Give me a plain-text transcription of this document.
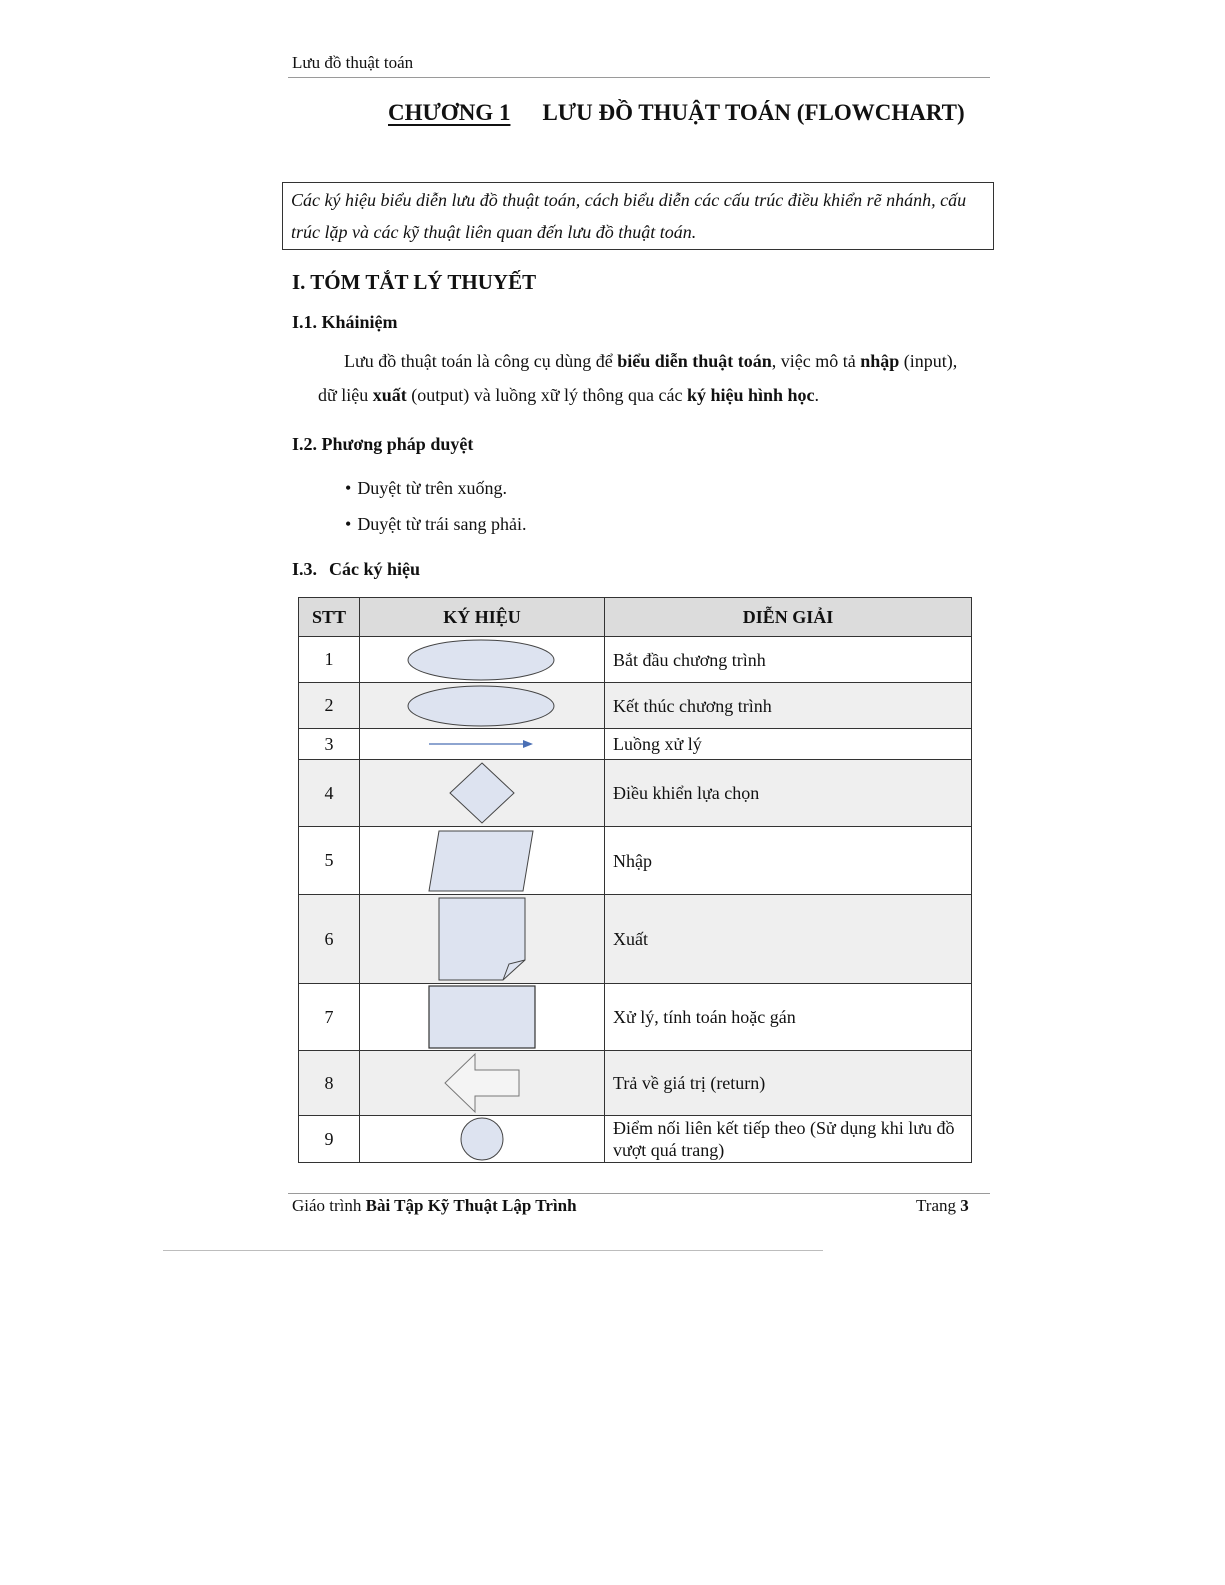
Lưu đồ thuật toán
CHƯƠNG 1 LƯU ĐỒ THUẬT TOÁN (FLOWCHART)
Các ký hiệu biểu diễn lưu đồ thuật toán, cách biểu diễn các cấu trúc điều khiển rẽ nhánh, cấu trúc lặp và các kỹ thuật liên quan đến lưu đồ thuật toán.
I. TÓM TẮT LÝ THUYẾT
I.1. Kháiniệm
Lưu đồ thuật toán là công cụ dùng để biểu diễn thuật toán, việc mô tả nhập (input), dữ liệu xuất (output) và luồng xữ lý thông qua các ký hiệu hình học.
I.2. Phương pháp duyệt
• Duyệt từ trên xuống.
• Duyệt từ trái sang phải.
I.3. Các ký hiệu
STT	KÝ HIỆU	DIỄN GIẢI
1		Bắt đầu chương trình
2		Kết thúc chương trình
3		Luồng xử lý
4		Điều khiển lựa chọn
5		Nhập
6		Xuất
7		Xử lý, tính toán hoặc gán
8		Trả về giá trị (return)
9		Điểm nối liên kết tiếp theo (Sử dụng khi lưu đồ vượt quá trang)
Giáo trình Bài Tập Kỹ Thuật Lập Trình	Trang 3
